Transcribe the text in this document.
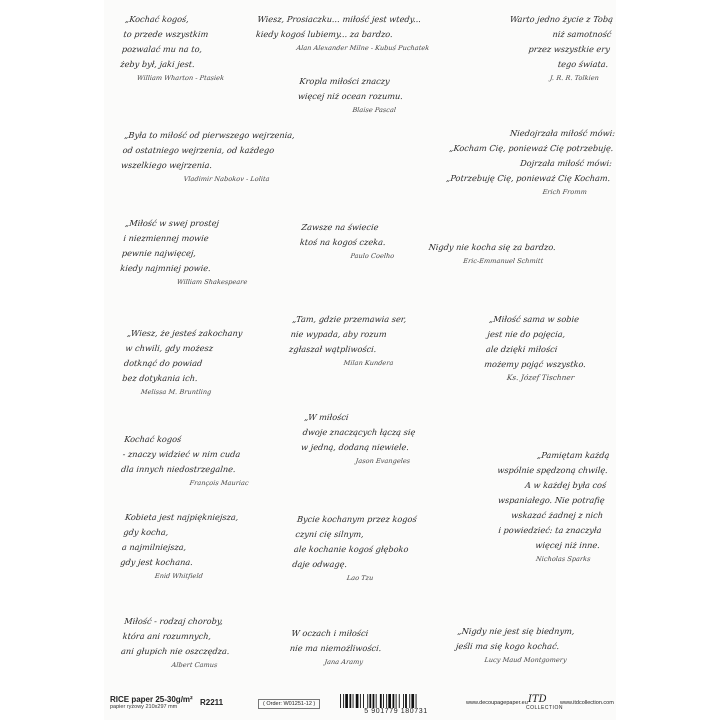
„Kochać kogoś,
to przede wszystkim
pozwalać mu na to,
żeby był, jaki jest.
William Wharton - Ptasiek
Wiesz, Prosiaczku... miłość jest wtedy...
kiedy kogoś lubiemy... za bardzo.
Alan Alexander Milne - Kubuś Puchatek
Kropla miłości znaczy
więcej niż ocean rozumu.
Blaise Pascal
Warto jedno życie z Tobą
niż samotność
przez wszystkie ery
tego świata.
J. R. R. Tolkien
„Była to miłość od pierwszego wejrzenia,
od ostatniego wejrzenia, od każdego
wszelkiego wejrzenia.
Vladimir Nabokov - Lolita
Niedojrzała miłość mówi:
„Kocham Cię, ponieważ Cię potrzebuję.
Dojrzała miłość mówi:
„Potrzebuję Cię, ponieważ Cię Kocham.
Erich Fromm
„Miłość w swej prostej
i niezmiennej mowie
pewnie najwięcej,
kiedy najmniej powie.
William Shakespeare
Zawsze na świecie
ktoś na kogoś czeka.
Paulo Coelho
Nigdy nie kocha się za bardzo.
Eric-Emmanuel Schmitt
„Wiesz, że jesteś zakochany
w chwili, gdy możesz
dotknąć do powiad
bez dotykania ich.
Melissa M. Bruntling
„Tam, gdzie przemawia ser,
nie wypada, aby rozum
zgłaszał wątpliwości.
Milan Kundera
„Miłość sama w sobie
jest nie do pojęcia,
ale dzięki miłości
możemy pojąć wszystko.
Ks. Józef Tischner
Kochać kogoś
- znaczy widzieć w nim cuda
dla innych niedostrzegalne.
François Mauriac
„W miłości
dwoje znaczących łączą się
w jedną, dodaną niewiele.
Jason Evangeles
„Pamiętam każdą
wspólnie spędzoną chwilę.
A w każdej była coś
wspaniałego. Nie potrafię
wskazać żadnej z nich
i powiedzieć: ta znaczyła
więcej niż inne.
Nicholas Sparks
Kobieta jest najpiękniejsza,
gdy kocha,
a najmilniejsza,
gdy jest kochana.
Enid Whitfield
Bycie kochanym przez kogoś
czyni cię silnym,
ale kochanie kogoś głęboko
daje odwagę.
Lao Tzu
Miłość - rodzaj choroby,
która ani rozumnych,
ani głupich nie oszczędza.
Albert Camus
W oczach i miłości
nie ma niemożliwości.
Jana Aramy
„Nigdy nie jest się biednym,
jeśli ma się kogo kochać.
Lucy Maud Montgomery
RICE paper 25-30g/m²
papier ryżowy 210x297 mm	R2211	( Order: W01251-12 )
5 901779 180731
www.decoupagepaper.eu ITD
COLLECTION
www.itdcollection.com
